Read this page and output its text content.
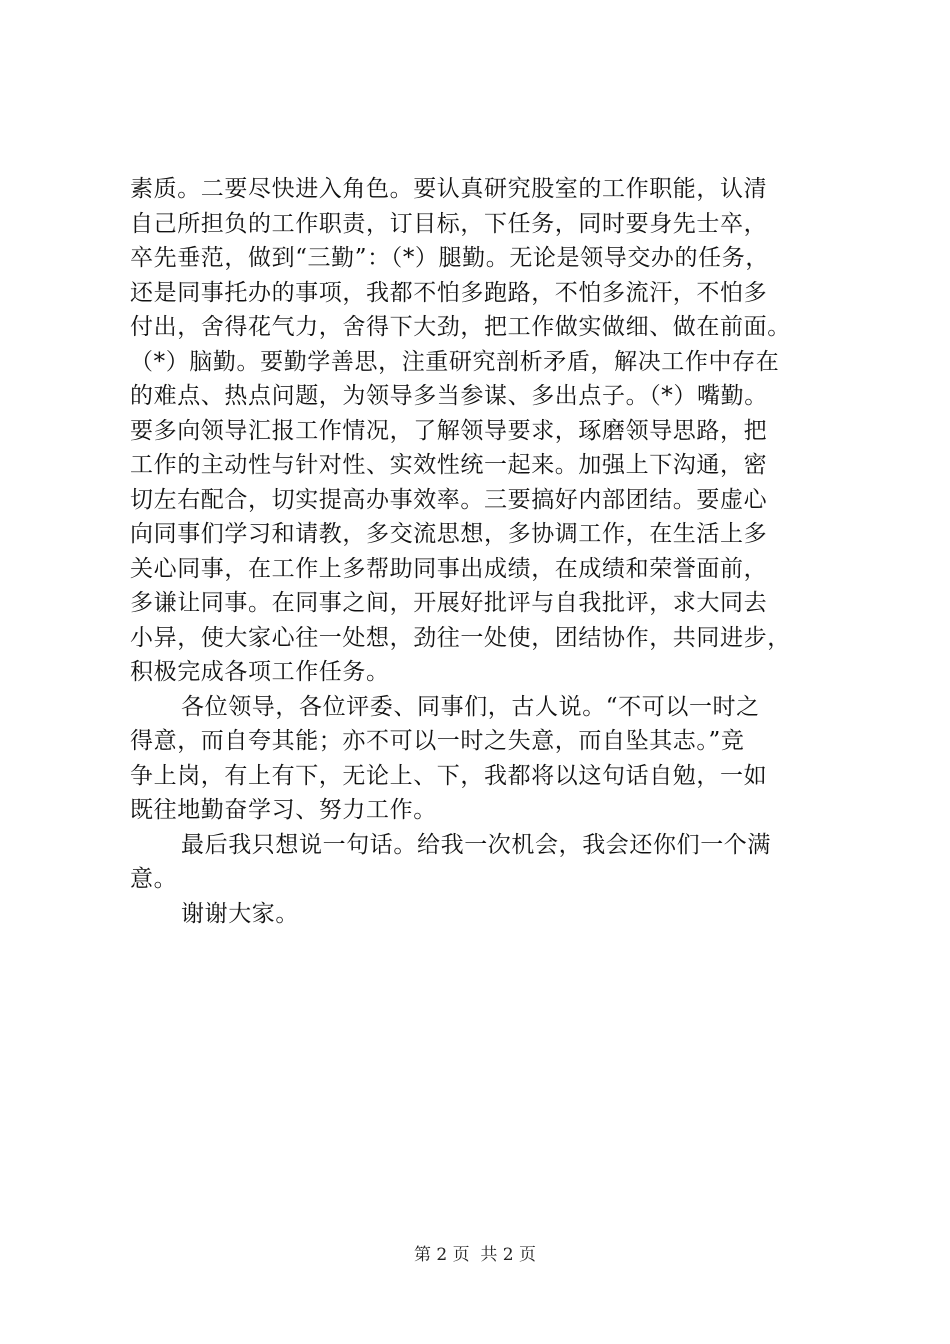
素质。二要尽快进入角色。要认真研究股室的工作职能，认清
自己所担负的工作职责，订目标，下任务，同时要身先士卒，
卒先垂范，做到“三勤”：（*）腿勤。无论是领导交办的任务，
还是同事托办的事项，我都不怕多跑路，不怕多流汗，不怕多
付出，舍得花气力，舍得下大劲，把工作做实做细、做在前面。
（*）脑勤。要勤学善思，注重研究剖析矛盾，解决工作中存在
的难点、热点问题，为领导多当参谋、多出点子。（*）嘴勤。
要多向领导汇报工作情况，了解领导要求，琢磨领导思路，把
工作的主动性与针对性、实效性统一起来。加强上下沟通，密
切左右配合，切实提高办事效率。三要搞好内部团结。要虚心
向同事们学习和请教，多交流思想，多协调工作，在生活上多
关心同事，在工作上多帮助同事出成绩，在成绩和荣誉面前，
多谦让同事。在同事之间，开展好批评与自我批评，求大同去
小异，使大家心往一处想，劲往一处使，团结协作，共同进步，
积极完成各项工作任务。
各位领导，各位评委、同事们，古人说。“不可以一时之
得意，而自夸其能；亦不可以一时之失意，而自坠其志。”竞
争上岗，有上有下，无论上、下，我都将以这句话自勉，一如
既往地勤奋学习、努力工作。
最后我只想说一句话。给我一次机会，我会还你们一个满
意。
谢谢大家。
第 2 页  共 2 页
